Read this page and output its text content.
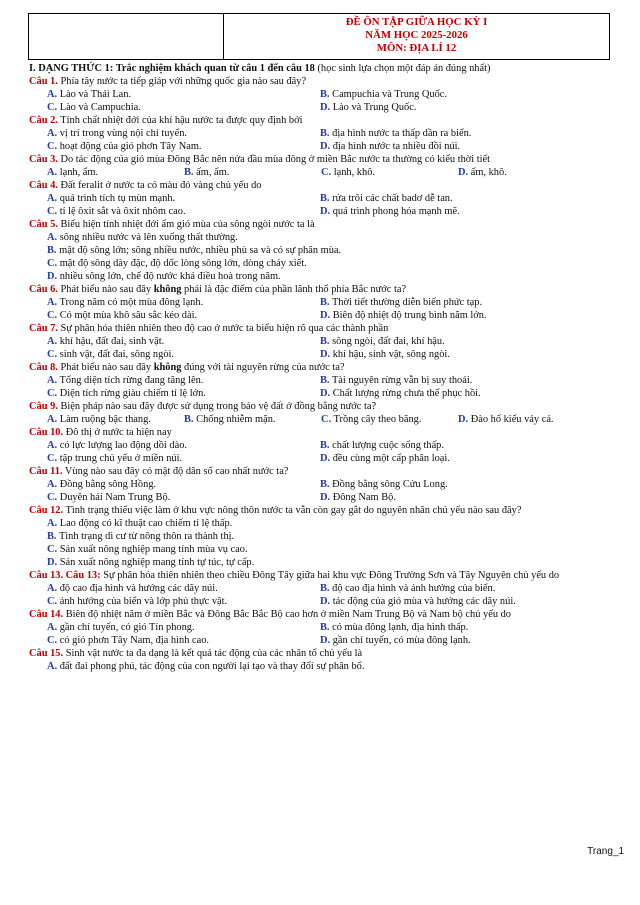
ĐỀ ÔN TẬP GIỮA HỌC KỲ I
NĂM HỌC 2025-2026
MÔN: ĐỊA LÍ 12
I. DẠNG THỨC 1: Trắc nghiệm khách quan từ câu 1 đến câu 18 (học sinh lựa chọn một đáp án đúng nhất)
Câu 1. Phía tây nước ta tiếp giáp với những quốc gia nào sau đây?
A. Lào và Thái Lan.	B. Campuchia và Trung Quốc.
C. Lào và Campuchia.	D. Lào và Trung Quốc.
Câu 2. Tính chất nhiệt đới của khí hậu nước ta được quy định bởi
A. vị trí trong vùng nội chí tuyến.	B. địa hình nước ta thấp dần ra biển.
C. hoạt động của gió phơn Tây Nam.	D. địa hình nước ta nhiều đồi núi.
Câu 3. Do tác động của gió mùa Đông Bắc nên nửa đầu mùa đông ở miền Bắc nước ta thường có kiểu thời tiết
A. lạnh, ẩm.	B. ấm, ẩm.	C. lạnh, khô.	D. ấm, khô.
Câu 4. Đất feralit ở nước ta có màu đỏ vàng chủ yếu do
A. quá trình tích tụ mùn mạnh.	B. rửa trôi các chất badơ dễ tan.
C. tỉ lệ ôxit sắt và ôxit nhôm cao.	D. quá trình phong hóa mạnh mẽ.
Câu 5. Biểu hiện tính nhiệt đới ẩm gió mùa của sông ngòi nước ta là
A. sông nhiều nước và lên xuống thất thường.
B. mật độ sông lớn; sông nhiều nước, nhiều phù sa và có sự phân mùa.
C. mật độ sông dày đặc, độ dốc lòng sông lớn, dòng chảy xiết.
D. nhiều sông lớn, chế độ nước khá điều hoà trong năm.
Câu 6. Phát biểu nào sau đây không phải là đặc điểm của phần lãnh thổ phía Bắc nước ta?
A. Trong năm có một mùa đông lạnh.	B. Thời tiết thường diễn biến phức tạp.
C. Có một mùa khô sâu sắc kéo dài.	D. Biên độ nhiệt độ trung bình năm lớn.
Câu 7. Sự phân hóa thiên nhiên theo độ cao ở nước ta biểu hiện rõ qua các thành phần
A. khí hậu, đất đai, sinh vật.	B. sông ngòi, đất đai, khí hậu.
C. sinh vật, đất đai, sông ngòi.	D. khí hậu, sinh vật, sông ngòi.
Câu 8. Phát biểu nào sau đây không đúng với tài nguyên rừng của nước ta?
A. Tổng diện tích rừng đang tăng lên.	B. Tài nguyên rừng vẫn bị suy thoái.
C. Diện tích rừng giàu chiếm tỉ lệ lớn.	D. Chất lượng rừng chưa thể phục hồi.
Câu 9. Biện pháp nào sau đây được sử dụng trong bảo vệ đất ở đồng bằng nước ta?
A. Làm ruộng bậc thang.	B. Chống nhiễm mặn.	C. Trồng cây theo băng.	D. Đào hố kiểu vảy cá.
Câu 10. Đô thị ở nước ta hiện nay
A. có lực lượng lao động dồi dào.	B. chất lượng cuộc sống thấp.
C. tập trung chủ yếu ở miền núi.	D. đều cùng một cấp phân loại.
Câu 11. Vùng nào sau đây có mật độ dân số cao nhất nước ta?
A. Đồng bằng sông Hồng.	B. Đồng bằng sông Cửu Long.
C. Duyên hải Nam Trung Bộ.	D. Đông Nam Bộ.
Câu 12. Tình trạng thiếu việc làm ở khu vực nông thôn nước ta vẫn còn gay gắt do nguyên nhân chủ yếu nào sau đây?
A. Lao động có kĩ thuật cao chiếm tỉ lệ thấp.
B. Tình trạng di cư từ nông thôn ra thành thị.
C. Sản xuất nông nghiệp mang tính mùa vụ cao.
D. Sản xuất nông nghiệp mang tính tự túc, tự cấp.
Câu 13. Câu 13: Sự phân hóa thiên nhiên theo chiều Đông Tây giữa hai khu vực Đông Trường Sơn và Tây Nguyên chủ yếu do
A. độ cao địa hình và hướng các dãy núi.	B. độ cao địa hình và ảnh hưởng của biển.
C. ảnh hưởng của biển và lớp phủ thực vật.	D. tác động của gió mùa và hướng các dãy núi.
Câu 14. Biên độ nhiệt năm ở miền Bắc và Đông Bắc Bắc Bộ cao hơn ở miền Nam Trung Bộ và Nam bộ chủ yếu do
A. gần chí tuyến, có gió Tín phong.	B. có mùa đông lạnh, địa hình thấp.
C. có gió phơn Tây Nam, địa hình cao.	D. gần chí tuyến, có mùa đông lạnh.
Câu 15. Sinh vật nước ta đa dạng là kết quả tác động của các nhân tố chủ yếu là
A. đất đai phong phú, tác động của con người lại tạo và thay đổi sự phân bố.
Trang_1
